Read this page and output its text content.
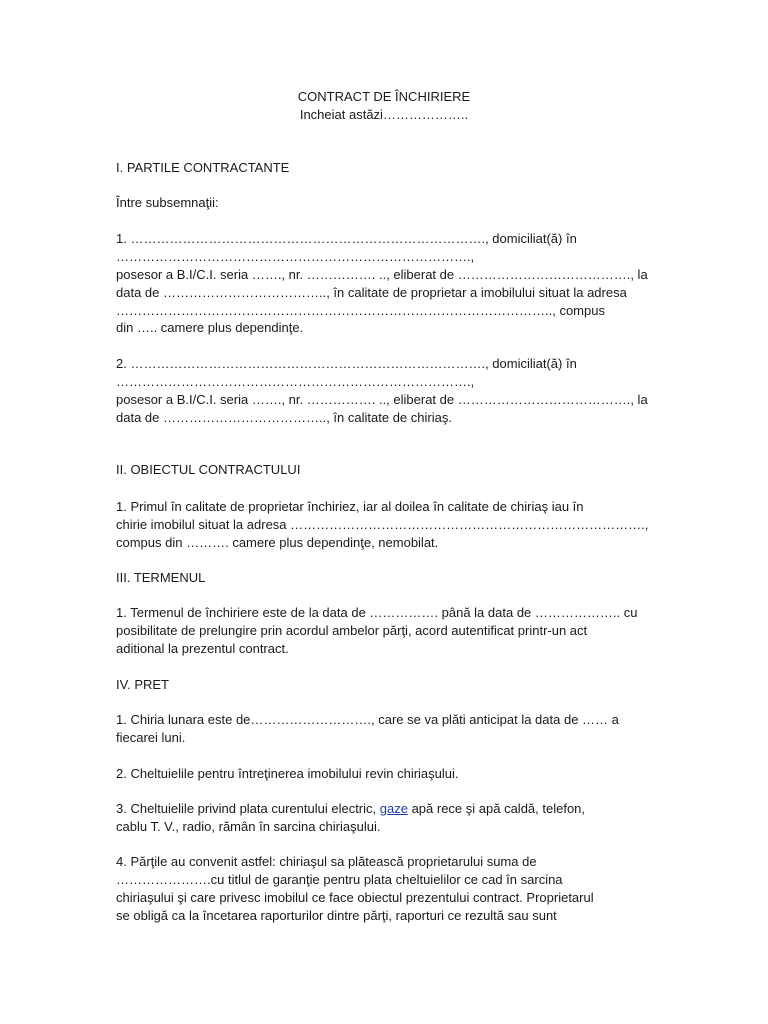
CONTRACT DE ÎNCHIRIERE
Incheiat astăzi………………..
I. PARTILE CONTRACTANTE
Între subsemnaţii:
1. ………………………………………………………………………., domiciliat(ă) în
……………………………………………………………………….,
posesor a B.I/C.I. seria ……., nr. ……………. .., eliberat de …………………………………., la
data de ……………………………….., în calitate de proprietar a imobilului situat la adresa
……………………………………………………………………………………….., compus
din ….. camere plus dependinţe.
2. ………………………………………………………………………., domiciliat(ă) în
……………………………………………………………………….,
posesor a B.I/C.I. seria ……., nr. ……………. .., eliberat de …………………………………., la
data de ……………………………….., în calitate de chiriaş.
II. OBIECTUL CONTRACTULUI
1. Primul în calitate de proprietar închiriez, iar al doilea în calitate de chiriaş iau în
chirie imobilul situat la adresa ……………………………………………………………………….,
compus din ………. camere plus dependinţe, nemobilat.
III. TERMENUL
1. Termenul de închiriere este de la data de ……………. până la data de ……………….. cu
posibilitate de prelungire prin acordul ambelor părţi, acord autentificat printr-un act
aditional la prezentul contract.
IV. PRET
1. Chiria lunara este de………………………., care se va plăti anticipat la data de …… a
fiecarei luni.
2. Cheltuielile pentru întreţinerea imobilului revin chiriaşului.
3. Cheltuielile privind plata curentului electric, gaze apă rece şi apă caldă, telefon,
cablu T. V., radio, rămân în sarcina chiriaşului.
4. Părţile au convenit astfel: chiriaşul sa plătească proprietarului suma de
………………….cu titlul de garanţie pentru plata cheltuielilor ce cad în sarcina
chiriaşului şi care privesc imobilul ce face obiectul prezentului contract. Proprietarul
se obligă ca la încetarea raporturilor dintre părţi, raporturi ce rezultă sau sunt
